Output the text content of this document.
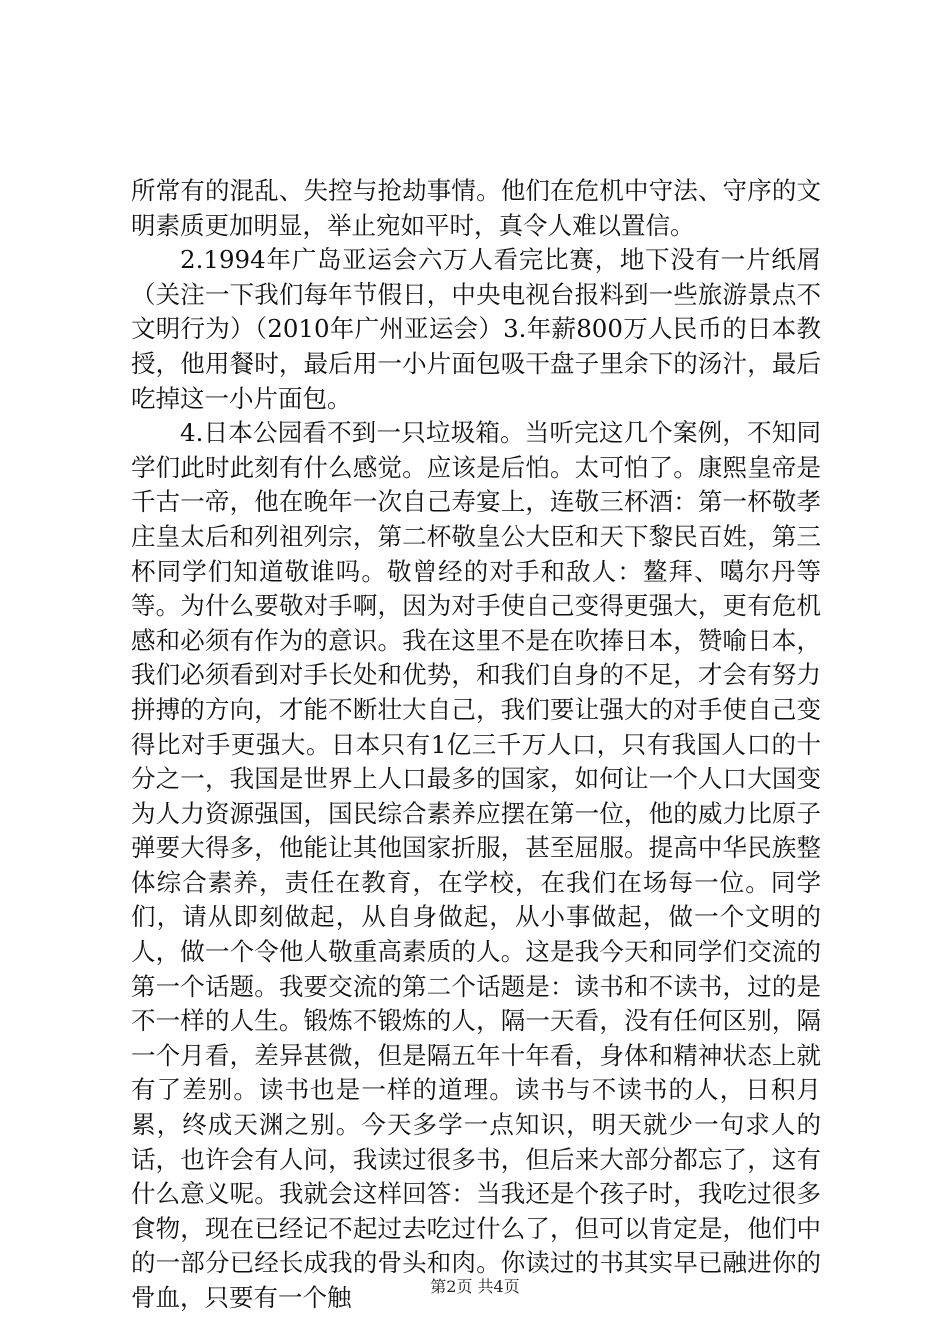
所常有的混乱、失控与抢劫事情。他们在危机中守法、守序的文明素质更加明显，举止宛如平时，真令人难以置信。

2.1994年广岛亚运会六万人看完比赛，地下没有一片纸屑（关注一下我们每年节假日，中央电视台报料到一些旅游景点不文明行为）（2010年广州亚运会）3.年薪800万人民币的日本教授，他用餐时，最后用一小片面包吸干盘子里余下的汤汁，最后吃掉这一小片面包。

4.日本公园看不到一只垃圾箱。当听完这几个案例，不知同学们此时此刻有什么感觉。应该是后怕。太可怕了。康熙皇帝是千古一帝，他在晚年一次自己寿宴上，连敬三杯酒：第一杯敬孝庄皇太后和列祖列宗，第二杯敬皇公大臣和天下黎民百姓，第三杯同学们知道敬谁吗。敬曾经的对手和敌人：鳌拜、噶尔丹等等。为什么要敬对手啊，因为对手使自己变得更强大，更有危机感和必须有作为的意识。我在这里不是在吹捧日本，赞喻日本，我们必须看到对手长处和优势，和我们自身的不足，才会有努力拼搏的方向，才能不断壮大自己，我们要让强大的对手使自己变得比对手更强大。日本只有1亿三千万人口，只有我国人口的十分之一，我国是世界上人口最多的国家，如何让一个人口大国变为人力资源强国，国民综合素养应摆在第一位，他的威力比原子弹要大得多，他能让其他国家折服，甚至屈服。提高中华民族整体综合素养，责任在教育，在学校，在我们在场每一位。同学们，请从即刻做起，从自身做起，从小事做起，做一个文明的人，做一个令他人敬重高素质的人。这是我今天和同学们交流的第一个话题。我要交流的第二个话题是：读书和不读书，过的是不一样的人生。锻炼不锻炼的人，隔一天看，没有任何区别，隔一个月看，差异甚微，但是隔五年十年看，身体和精神状态上就有了差别。读书也是一样的道理。读书与不读书的人，日积月累，终成天渊之别。今天多学一点知识，明天就少一句求人的话，也许会有人问，我读过很多书，但后来大部分都忘了，这有什么意义呢。我就会这样回答：当我还是个孩子时，我吃过很多食物，现在已经记不起过去吃过什么了，但可以肯定是，他们中的一部分已经长成我的骨头和肉。你读过的书其实早已融进你的骨血，只要有一个触	第2页 共4页
